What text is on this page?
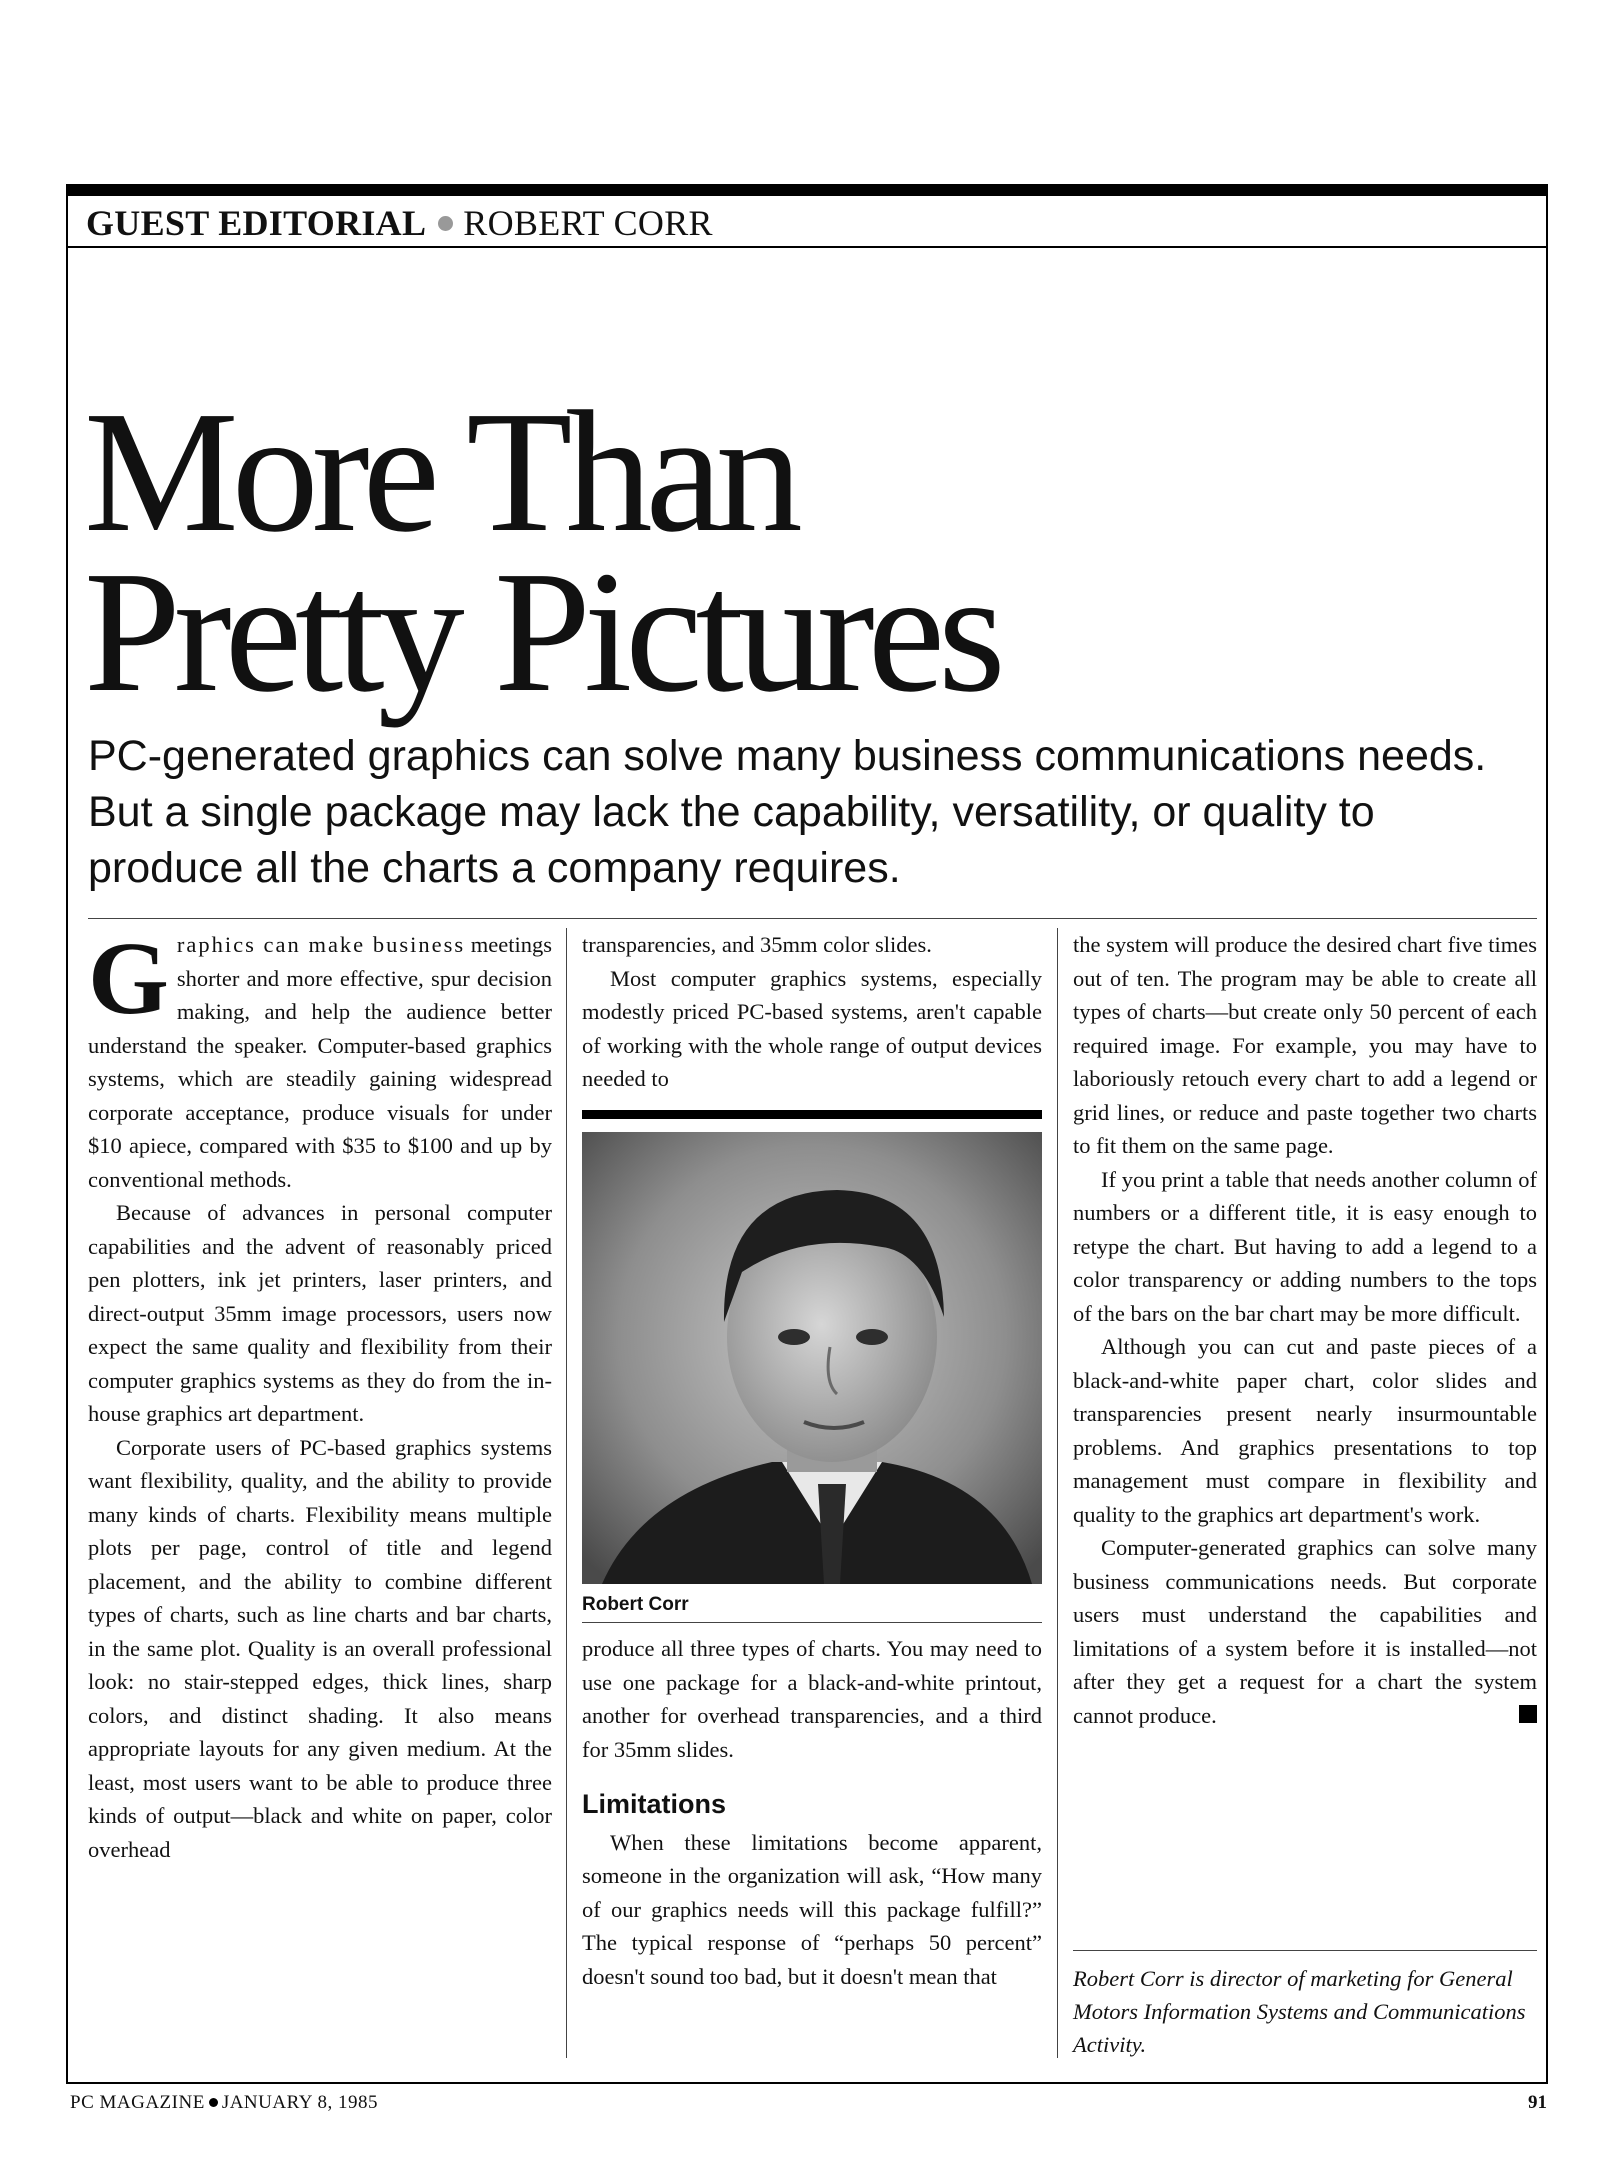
GUEST EDITORIAL ROBERT CORR
More Than
Pretty Pictures
PC-generated graphics can solve many business communications needs. But a single package may lack the capability, versatility, or quality to produce all the charts a company requires.

Graphics can make business meetings shorter and more effective, spur decision making, and help the audience better understand the speaker. Computer-based graphics systems, which are steadily gaining widespread corporate acceptance, produce visuals for under $10 apiece, compared with $35 to $100 and up by conventional methods.

Because of advances in personal computer capabilities and the advent of reasonably priced pen plotters, ink jet printers, laser printers, and direct-output 35mm image processors, users now expect the same quality and flexibility from their computer graphics systems as they do from the in-house graphics art department.

Corporate users of PC-based graphics systems want flexibility, quality, and the ability to provide many kinds of charts. Flexibility means multiple plots per page, control of title and legend placement, and the ability to combine different types of charts, such as line charts and bar charts, in the same plot. Quality is an overall professional look: no stair-stepped edges, thick lines, sharp colors, and distinct shading. It also means appropriate layouts for any given medium. At the least, most users want to be able to produce three kinds of output—black and white on paper, color overhead

transparencies, and 35mm color slides.

Most computer graphics systems, especially modestly priced PC-based systems, aren't capable of working with the whole range of output devices needed to

Robert Corr

produce all three types of charts. You may need to use one package for a black-and-white printout, another for overhead transparencies, and a third for 35mm slides.

Limitations

When these limitations become apparent, someone in the organization will ask, “How many of our graphics needs will this package fulfill?” The typical response of “perhaps 50 percent” doesn't sound too bad, but it doesn't mean that

the system will produce the desired chart five times out of ten. The program may be able to create all types of charts—but create only 50 percent of each required image. For example, you may have to laboriously retouch every chart to add a legend or grid lines, or reduce and paste together two charts to fit them on the same page.

If you print a table that needs another column of numbers or a different title, it is easy enough to retype the chart. But having to add a legend to a color transparency or adding numbers to the tops of the bars on the bar chart may be more difficult.

Although you can cut and paste pieces of a black-and-white paper chart, color slides and transparencies present nearly insurmountable problems. And graphics presentations to top management must compare in flexibility and quality to the graphics art department's work.

Computer-generated graphics can solve many business communications needs. But corporate users must understand the capabilities and limitations of a system before it is installed—not after they get a request for a chart the system cannot produce.

Robert Corr is director of marketing for General Motors Information Systems and Communications Activity.
PC MAGAZINE JANUARY 8, 1985	91
